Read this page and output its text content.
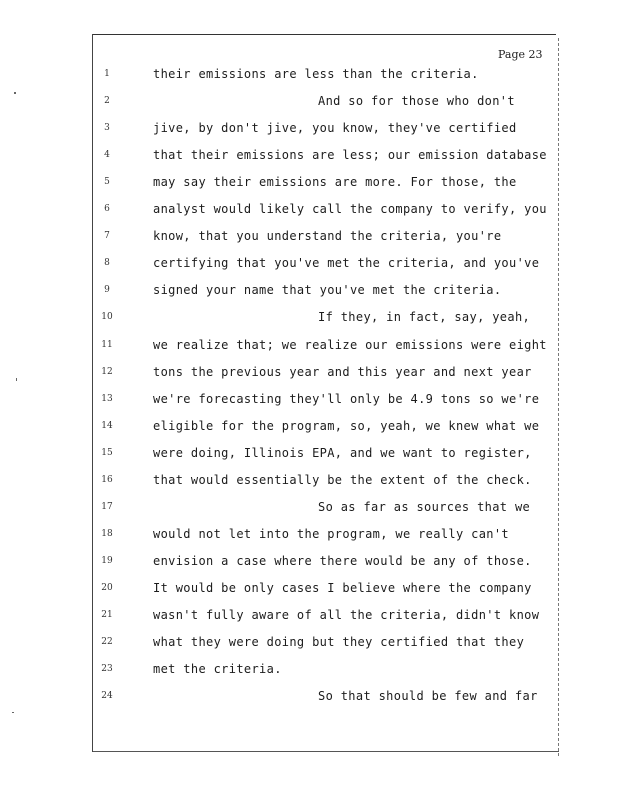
Page 23
1	their emissions are less than the criteria.
2	And so for those who don't
3	jive, by don't jive, you know, they've certified
4	that their emissions are less; our emission database
5	may say their emissions are more. For those, the
6	analyst would likely call the company to verify, you
7	know, that you understand the criteria, you're
8	certifying that you've met the criteria, and you've
9	signed your name that you've met the criteria.
10	If they, in fact, say, yeah,
11	we realize that; we realize our emissions were eight
12	tons the previous year and this year and next year
13	we're forecasting they'll only be 4.9 tons so we're
14	eligible for the program, so, yeah, we knew what we
15	were doing, Illinois EPA, and we want to register,
16	that would essentially be the extent of the check.
17	So as far as sources that we
18	would not let into the program, we really can't
19	envision a case where there would be any of those.
20	It would be only cases I believe where the company
21	wasn't fully aware of all the criteria, didn't know
22	what they were doing but they certified that they
23	met the criteria.
24	So that should be few and far
